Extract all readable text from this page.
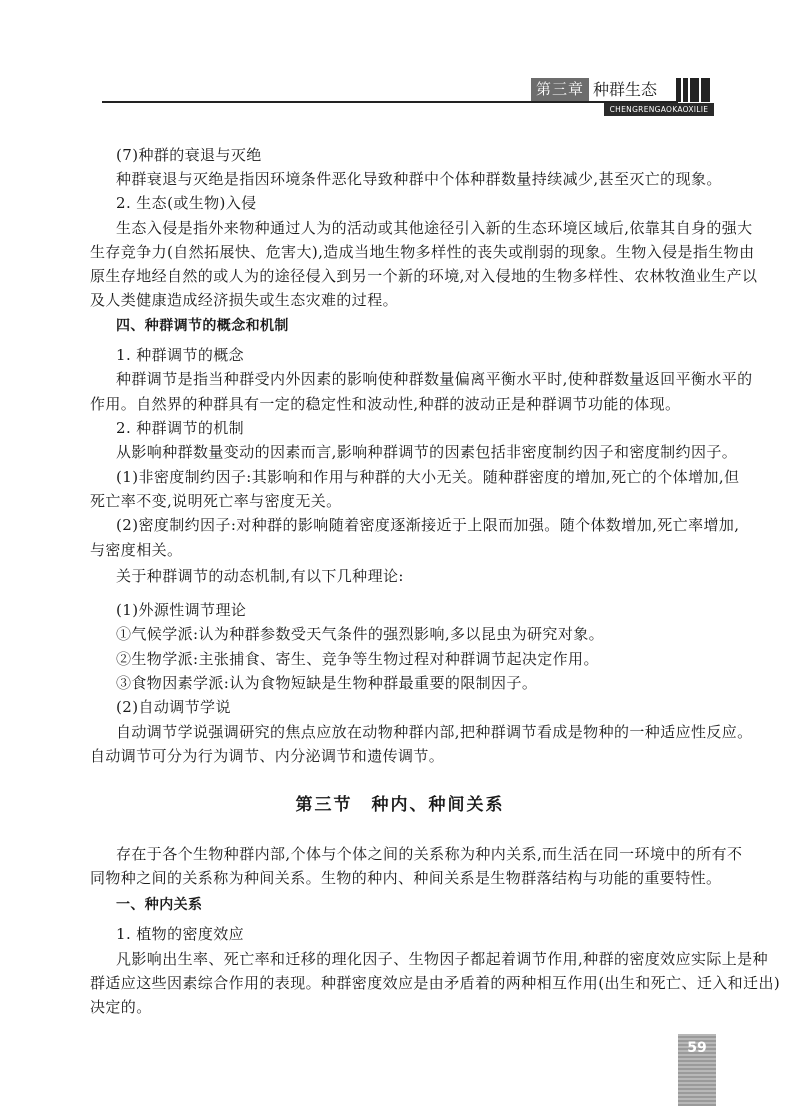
第三章 种群生态
CHENGRENGAOKAOXILIE
(7)种群的衰退与灭绝
种群衰退与灭绝是指因环境条件恶化导致种群中个体种群数量持续减少,甚至灭亡的现象。
2. 生态(或生物)入侵
生态入侵是指外来物种通过人为的活动或其他途径引入新的生态环境区域后,依靠其自身的强大
生存竞争力(自然拓展快、危害大),造成当地生物多样性的丧失或削弱的现象。生物入侵是指生物由
原生存地经自然的或人为的途径侵入到另一个新的环境,对入侵地的生物多样性、农林牧渔业生产以
及人类健康造成经济损失或生态灾难的过程。
四、种群调节的概念和机制
1. 种群调节的概念
种群调节是指当种群受内外因素的影响使种群数量偏离平衡水平时,使种群数量返回平衡水平的
作用。自然界的种群具有一定的稳定性和波动性,种群的波动正是种群调节功能的体现。
2. 种群调节的机制
从影响种群数量变动的因素而言,影响种群调节的因素包括非密度制约因子和密度制约因子。
(1)非密度制约因子:其影响和作用与种群的大小无关。随种群密度的增加,死亡的个体增加,但
死亡率不变,说明死亡率与密度无关。
(2)密度制约因子:对种群的影响随着密度逐渐接近于上限而加强。随个体数增加,死亡率增加,
与密度相关。
关于种群调节的动态机制,有以下几种理论:
(1)外源性调节理论
①气候学派:认为种群参数受天气条件的强烈影响,多以昆虫为研究对象。
②生物学派:主张捕食、寄生、竞争等生物过程对种群调节起决定作用。
③食物因素学派:认为食物短缺是生物种群最重要的限制因子。
(2)自动调节学说
自动调节学说强调研究的焦点应放在动物种群内部,把种群调节看成是物种的一种适应性反应。
自动调节可分为行为调节、内分泌调节和遗传调节。
第三节　种内、种间关系
存在于各个生物种群内部,个体与个体之间的关系称为种内关系,而生活在同一环境中的所有不
同物种之间的关系称为种间关系。生物的种内、种间关系是生物群落结构与功能的重要特性。
一、种内关系
1. 植物的密度效应
凡影响出生率、死亡率和迁移的理化因子、生物因子都起着调节作用,种群的密度效应实际上是种
群适应这些因素综合作用的表现。种群密度效应是由矛盾着的两种相互作用(出生和死亡、迁入和迁出)
决定的。
59
